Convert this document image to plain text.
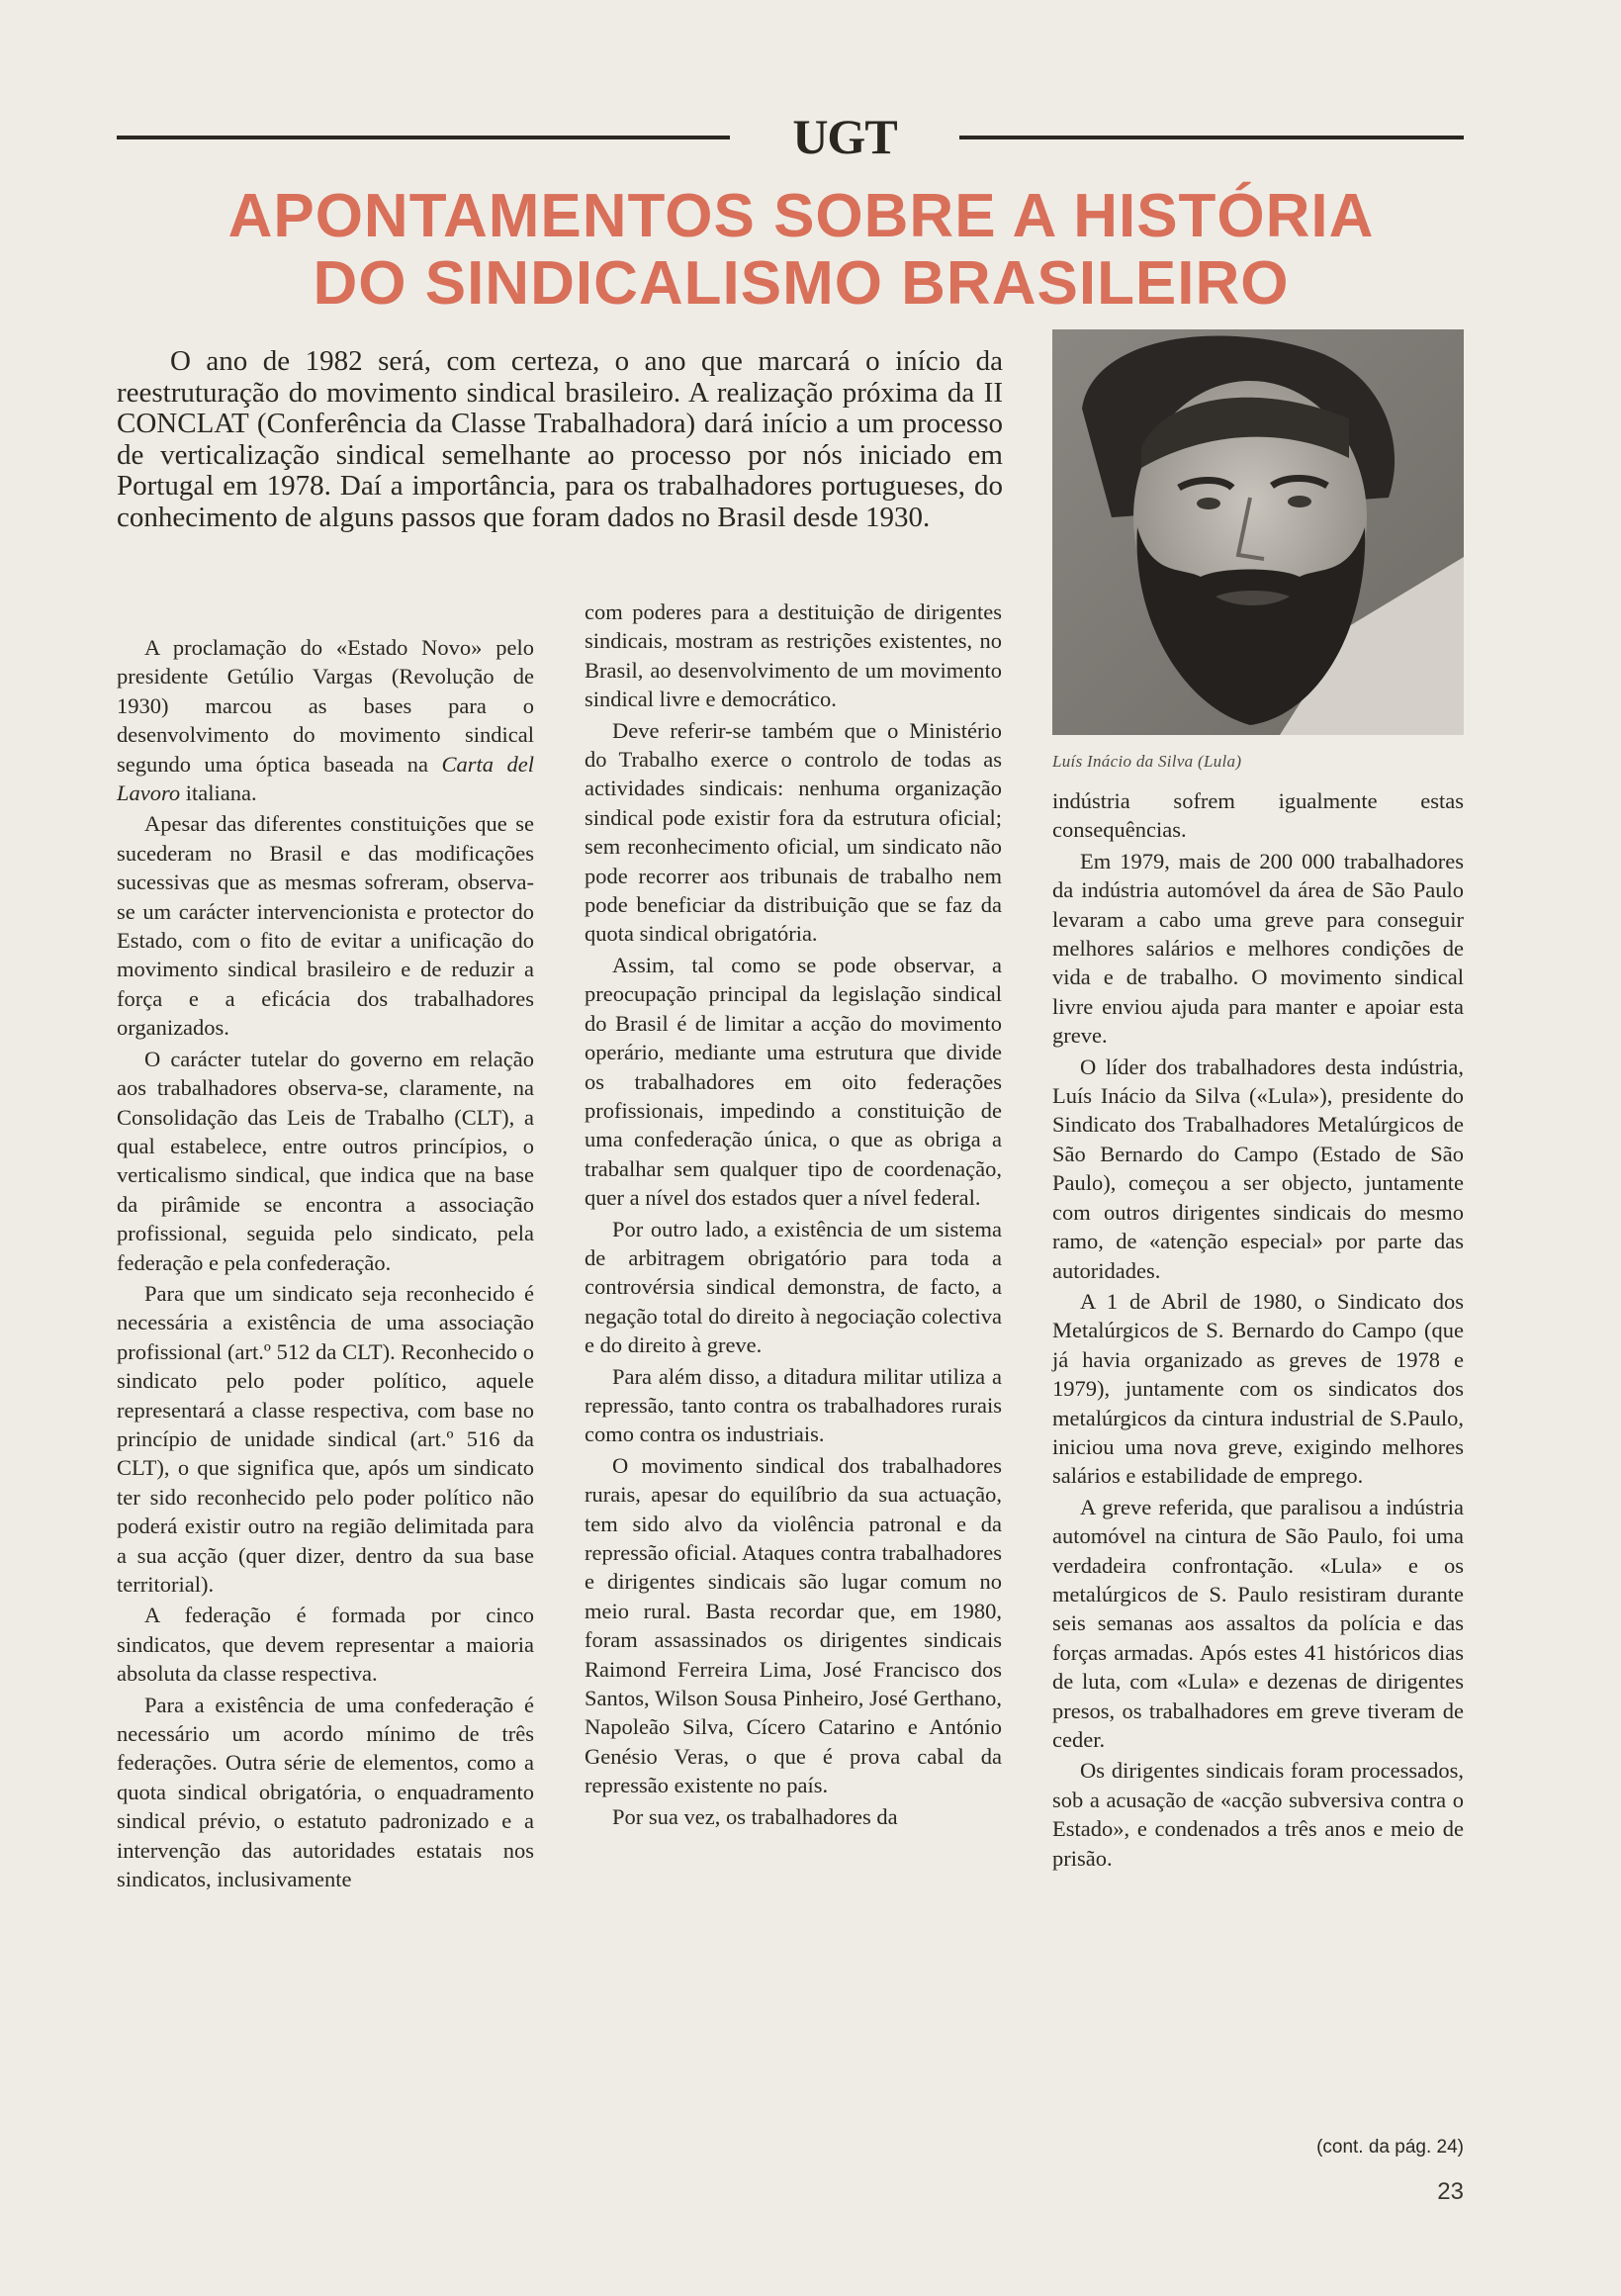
UGT
APONTAMENTOS SOBRE A HISTÓRIA
DO SINDICALISMO BRASILEIRO

O ano de 1982 será, com certeza, o ano que marcará o início da reestruturação do movimento sindical brasileiro. A realização próxima da II CONCLAT (Conferência da Classe Trabalhadora) dará início a um processo de verticalização sindical semelhante ao processo por nós iniciado em Portugal em 1978. Daí a importância, para os trabalhadores portugueses, do conhecimento de alguns passos que foram dados no Brasil desde 1930.

Luís Inácio da Silva (Lula)

A proclamação do «Estado Novo» pelo presidente Getúlio Vargas (Revolução de 1930) marcou as bases para o desenvolvimento do movimento sindical segundo uma óptica baseada na Carta del Lavoro italiana.

Apesar das diferentes constituições que se sucederam no Brasil e das modificações sucessivas que as mesmas sofreram, observa-se um carácter intervencionista e protector do Estado, com o fito de evitar a unificação do movimento sindical brasileiro e de reduzir a força e a eficácia dos trabalhadores organizados.

O carácter tutelar do governo em relação aos trabalhadores observa-se, claramente, na Consolidação das Leis de Trabalho (CLT), a qual estabelece, entre outros princípios, o verticalismo sindical, que indica que na base da pirâmide se encontra a associação profissional, seguida pelo sindicato, pela federação e pela confederação.

Para que um sindicato seja reconhecido é necessária a existência de uma associação profissional (art.º 512 da CLT). Reconhecido o sindicato pelo poder político, aquele representará a classe respectiva, com base no princípio de unidade sindical (art.º 516 da CLT), o que significa que, após um sindicato ter sido reconhecido pelo poder político não poderá existir outro na região delimitada para a sua acção (quer dizer, dentro da sua base territorial).

A federação é formada por cinco sindicatos, que devem representar a maioria absoluta da classe respectiva.

Para a existência de uma confederação é necessário um acordo mínimo de três federações. Outra série de elementos, como a quota sindical obrigatória, o enquadramento sindical prévio, o estatuto padronizado e a intervenção das autoridades estatais nos sindicatos, inclusivamente

com poderes para a destituição de dirigentes sindicais, mostram as restrições existentes, no Brasil, ao desenvolvimento de um movimento sindical livre e democrático.

Deve referir-se também que o Ministério do Trabalho exerce o controlo de todas as actividades sindicais: nenhuma organização sindical pode existir fora da estrutura oficial; sem reconhecimento oficial, um sindicato não pode recorrer aos tribunais de trabalho nem pode beneficiar da distribuição que se faz da quota sindical obrigatória.

Assim, tal como se pode observar, a preocupação principal da legislação sindical do Brasil é de limitar a acção do movimento operário, mediante uma estrutura que divide os trabalhadores em oito federações profissionais, impedindo a constituição de uma confederação única, o que as obriga a trabalhar sem qualquer tipo de coordenação, quer a nível dos estados quer a nível federal.

Por outro lado, a existência de um sistema de arbitragem obrigatório para toda a controvérsia sindical demonstra, de facto, a negação total do direito à negociação colectiva e do direito à greve.

Para além disso, a ditadura militar utiliza a repressão, tanto contra os trabalhadores rurais como contra os industriais.

O movimento sindical dos trabalhadores rurais, apesar do equilíbrio da sua actuação, tem sido alvo da violência patronal e da repressão oficial. Ataques contra trabalhadores e dirigentes sindicais são lugar comum no meio rural. Basta recordar que, em 1980, foram assassinados os dirigentes sindicais Raimond Ferreira Lima, José Francisco dos Santos, Wilson Sousa Pinheiro, José Gerthano, Napoleão Silva, Cícero Catarino e António Genésio Veras, o que é prova cabal da repressão existente no país.

Por sua vez, os trabalhadores da

indústria sofrem igualmente estas consequências.

Em 1979, mais de 200 000 trabalhadores da indústria automóvel da área de São Paulo levaram a cabo uma greve para conseguir melhores salários e melhores condições de vida e de trabalho. O movimento sindical livre enviou ajuda para manter e apoiar esta greve.

O líder dos trabalhadores desta indústria, Luís Inácio da Silva («Lula»), presidente do Sindicato dos Trabalhadores Metalúrgicos de São Bernardo do Campo (Estado de São Paulo), começou a ser objecto, juntamente com outros dirigentes sindicais do mesmo ramo, de «atenção especial» por parte das autoridades.

A 1 de Abril de 1980, o Sindicato dos Metalúrgicos de S. Bernardo do Campo (que já havia organizado as greves de 1978 e 1979), juntamente com os sindicatos dos metalúrgicos da cintura industrial de S.Paulo, iniciou uma nova greve, exigindo melhores salários e estabilidade de emprego.

A greve referida, que paralisou a indústria automóvel na cintura de São Paulo, foi uma verdadeira confrontação. «Lula» e os metalúrgicos de S. Paulo resistiram durante seis semanas aos assaltos da polícia e das forças armadas. Após estes 41 históricos dias de luta, com «Lula» e dezenas de dirigentes presos, os trabalhadores em greve tiveram de ceder.

Os dirigentes sindicais foram processados, sob a acusação de «acção subversiva contra o Estado», e condenados a três anos e meio de prisão.

(cont. da pág. 24)
23
